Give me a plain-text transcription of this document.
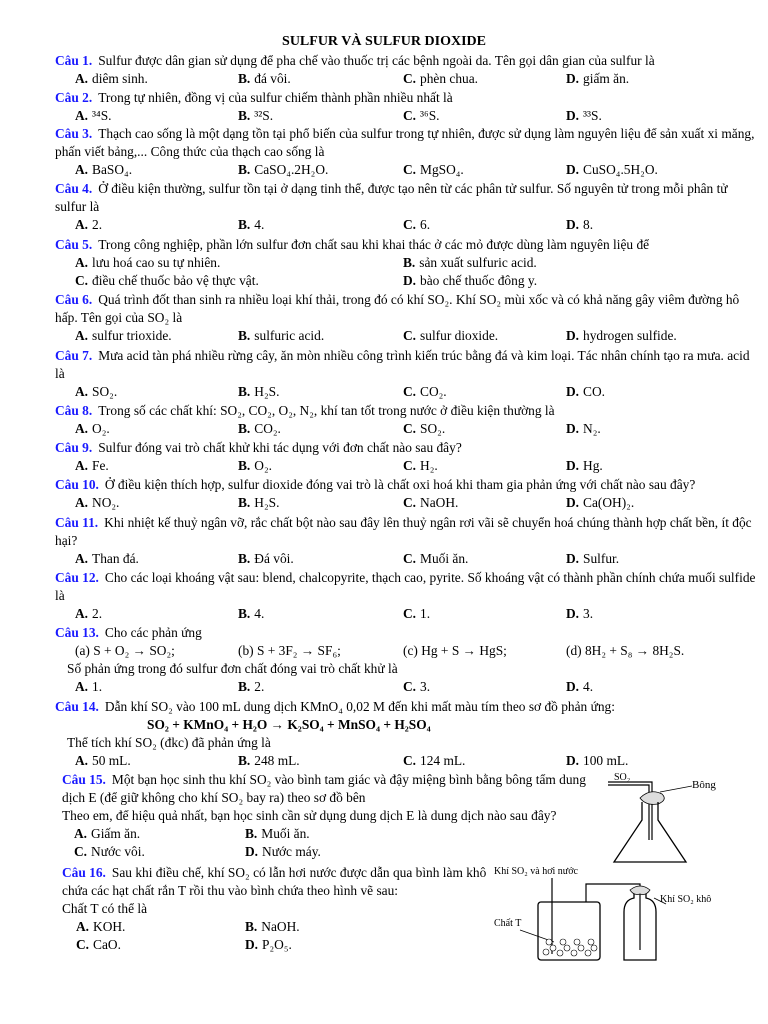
SULFUR VÀ SULFUR DIOXIDE
Câu 1. Sulfur được dân gian sử dụng để pha chế vào thuốc trị các bệnh ngoài da. Tên gọi dân gian của sulfur là
A. diêm sinh.	B. đá vôi.	C. phèn chua.	D. giấm ăn.
Câu 2. Trong tự nhiên, đồng vị của sulfur chiếm thành phần nhiều nhất là
A. ³⁴S.	B. ³²S.	C. ³⁶S.	D. ³³S.
Câu 3. Thạch cao sống là một dạng tồn tại phổ biến của sulfur trong tự nhiên, được sử dụng làm nguyên liệu để sản xuất xi măng, phấn viết bảng,... Công thức của thạch cao sống là
A. BaSO₄.	B. CaSO₄.2H₂O.	C. MgSO₄.	D. CuSO₄.5H₂O.
Câu 4. Ở điều kiện thường, sulfur tồn tại ở dạng tinh thể, được tạo nên từ các phân tử sulfur. Số nguyên tử trong mỗi phân tử sulfur là
A. 2.	B. 4.	C. 6.	D. 8.
Câu 5. Trong công nghiệp, phần lớn sulfur đơn chất sau khi khai thác ở các mỏ được dùng làm nguyên liệu để
A. lưu hoá cao su tự nhiên.	B. sản xuất sulfuric acid.
C. điều chế thuốc bảo vệ thực vật.	D. bào chế thuốc đông y.
Câu 6. Quá trình đốt than sinh ra nhiều loại khí thải, trong đó có khí SO₂. Khí SO₂ mùi xốc và có khả năng gây viêm đường hô hấp. Tên gọi của SO₂ là
A. sulfur trioxide.	B. sulfuric acid.	C. sulfur dioxide.	D. hydrogen sulfide.
Câu 7. Mưa acid tàn phá nhiều rừng cây, ăn mòn nhiều công trình kiến trúc bằng đá và kim loại. Tác nhân chính tạo ra mưa. acid là
A. SO₂.	B. H₂S.	C. CO₂.	D. CO.
Câu 8. Trong số các chất khí: SO₂, CO₂, O₂, N₂, khí tan tốt trong nước ở điều kiện thường là
A. O₂.	B. CO₂.	C. SO₂.	D. N₂.
Câu 9. Sulfur đóng vai trò chất khử khi tác dụng với đơn chất nào sau đây?
A. Fe.	B. O₂.	C. H₂.	D. Hg.
Câu 10. Ở điều kiện thích hợp, sulfur dioxide đóng vai trò là chất oxi hoá khi tham gia phản ứng với chất nào sau đây?
A. NO₂.	B. H₂S.	C. NaOH.	D. Ca(OH)₂.
Câu 11. Khi nhiệt kế thuỷ ngân vỡ, rắc chất bột nào sau đây lên thuỷ ngân rơi vãi sẽ chuyển hoá chúng thành hợp chất bền, ít độc hại?
A. Than đá.	B. Đá vôi.	C. Muối ăn.	D. Sulfur.
Câu 12. Cho các loại khoáng vật sau: blend, chalcopyrite, thạch cao, pyrite. Số khoáng vật có thành phần chính chứa muối sulfide là
A. 2.	B. 4.	C. 1.	D. 3.
Câu 13. Cho các phản ứng
(a) S + O₂ → SO₂;	(b) S + 3F₂ → SF₆;	(c) Hg + S → HgS;	(d) 8H₂ + S₈ → 8H₂S.
Số phản ứng trong đó sulfur đơn chất đóng vai trò chất khử là
A. 1.	B. 2.	C. 3.	D. 4.
Câu 14. Dẫn khí SO₂ vào 100 mL dung dịch KMnO₄ 0,02 M đến khi mất màu tím theo sơ đồ phản ứng:
SO₂ + KMnO₄ + H₂O → K₂SO₄ + MnSO₄ + H₂SO₄
Thể tích khí SO₂ (đkc) đã phản ứng là
A. 50 mL.	B. 248 mL.	C. 124 mL.	D. 100 mL.
Câu 15. Một bạn học sinh thu khí SO₂ vào bình tam giác và đậy miệng bình bằng bông tẩm dung dịch E (để giữ không cho khí SO₂ bay ra) theo sơ đồ bên
Theo em, để hiệu quả nhất, bạn học sinh cần sử dụng dung dịch E là dung dịch nào sau đây?
A. Giấm ăn.	B. Muối ăn.
C. Nước vôi.	D. Nước máy.
SO₂
Bông
Câu 16. Sau khi điều chế, khí SO₂ có lẫn hơi nước được dẫn qua bình làm khô chứa các hạt chất rắn T rồi thu vào bình chứa theo hình vẽ sau:
Chất T có thể là
A. KOH.	B. NaOH.
C. CaO.	D. P₂O₅.
Khí SO₂ và hơi nước
Khí SO₂ khô
Chất T
